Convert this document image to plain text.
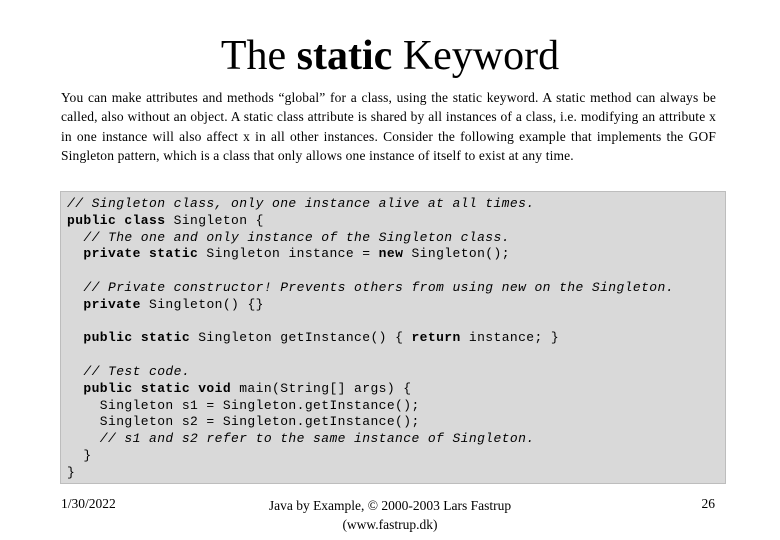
The static Keyword
You can make attributes and methods “global” for a class, using the static keyword. A static method can always be called, also without an object. A static class attribute is shared by all instances of a class, i.e. modifying an attribute x in one instance will also affect x in all other instances. Consider the following example that implements the GOF Singleton pattern, which is a class that only allows one instance of itself to exist at any time.
// Singleton class, only one instance alive at all times.
public class Singleton {
// The one and only instance of the Singleton class.
private static Singleton instance = new Singleton();
// Private constructor! Prevents others from using new on the Singleton.
private Singleton() {}
public static Singleton getInstance() { return instance; }
// Test code.
public static void main(String[] args) {
Singleton s1 = Singleton.getInstance();
Singleton s2 = Singleton.getInstance();
// s1 and s2 refer to the same instance of Singleton.
}
}
1/30/2022	Java by Example, © 2000-2003 Lars Fastrup
(www.fastrup.dk)
26
